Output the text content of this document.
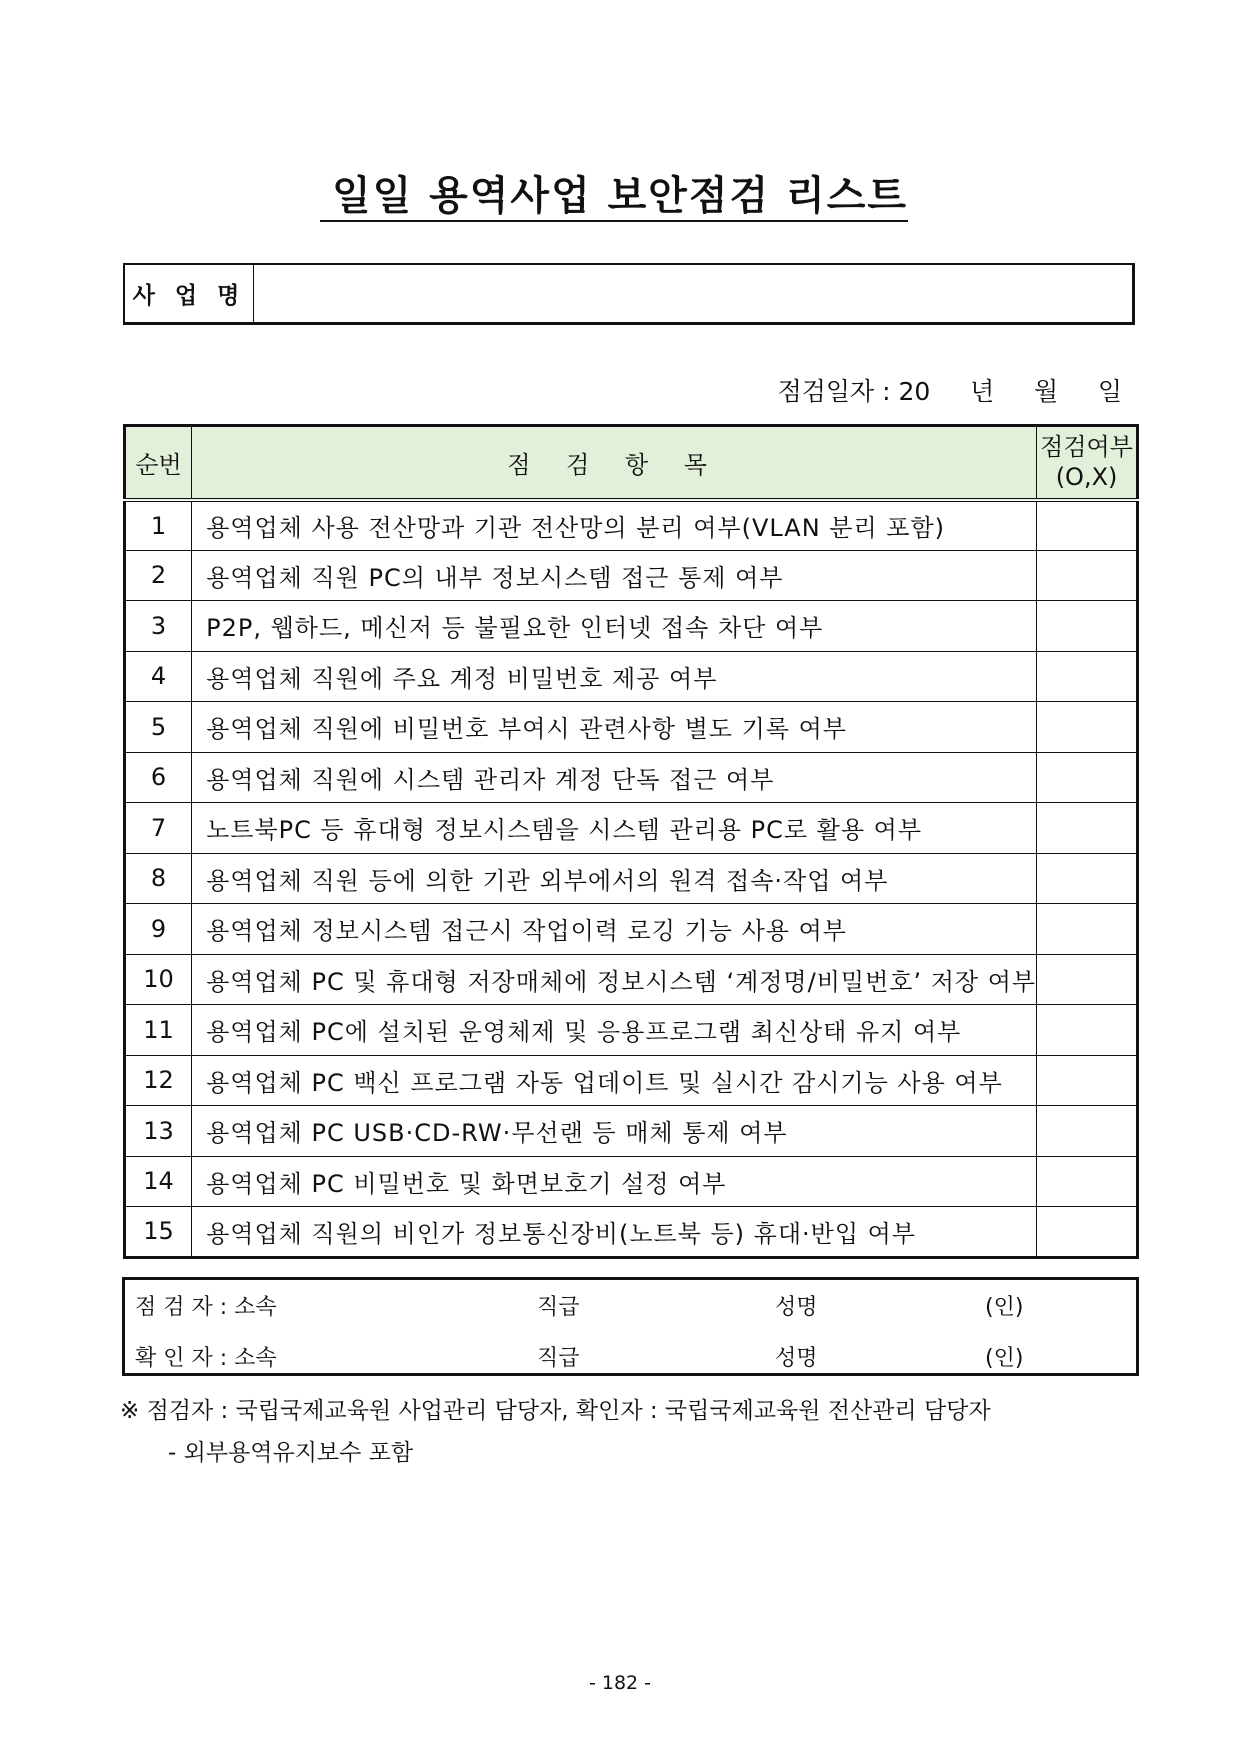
일일 용역사업 보안점검 리스트
사 업 명
점검일자 : 20     년     월     일
순번	점 검 항 목	점검여부
(O,X)

1	용역업체 사용 전산망과 기관 전산망의 분리 여부(VLAN 분리 포함)	
2	용역업체 직원 PC의 내부 정보시스템 접근 통제 여부	
3	P2P, 웹하드, 메신저 등 불필요한 인터넷 접속 차단 여부	
4	용역업체 직원에 주요 계정 비밀번호 제공 여부	
5	용역업체 직원에 비밀번호 부여시 관련사항 별도 기록 여부	
6	용역업체 직원에 시스템 관리자 계정 단독 접근 여부	
7	노트북PC 등 휴대형 정보시스템을 시스템 관리용 PC로 활용 여부	
8	용역업체 직원 등에 의한 기관 외부에서의 원격 접속·작업 여부	
9	용역업체 정보시스템 접근시 작업이력 로깅 기능 사용 여부	
10	용역업체 PC 및 휴대형 저장매체에 정보시스템 ‘계정명/비밀번호’ 저장 여부	
11	용역업체 PC에 설치된 운영체제 및 응용프로그램 최신상태 유지 여부	
12	용역업체 PC 백신 프로그램 자동 업데이트 및 실시간 감시기능 사용 여부	
13	용역업체 PC USB·CD-RW·무선랜 등 매체 통제 여부	
14	용역업체 PC 비밀번호 및 화면보호기 설정 여부	
15	용역업체 직원의 비인가 정보통신장비(노트북 등) 휴대·반입 여부	
점 검 자 : 소속	직급	성명	(인)
확 인 자 : 소속	직급	성명	(인)
※ 점검자 : 국립국제교육원 사업관리 담당자, 확인자 : 국립국제교육원 전산관리 담당자
- 외부용역유지보수 포함
- 182 -
